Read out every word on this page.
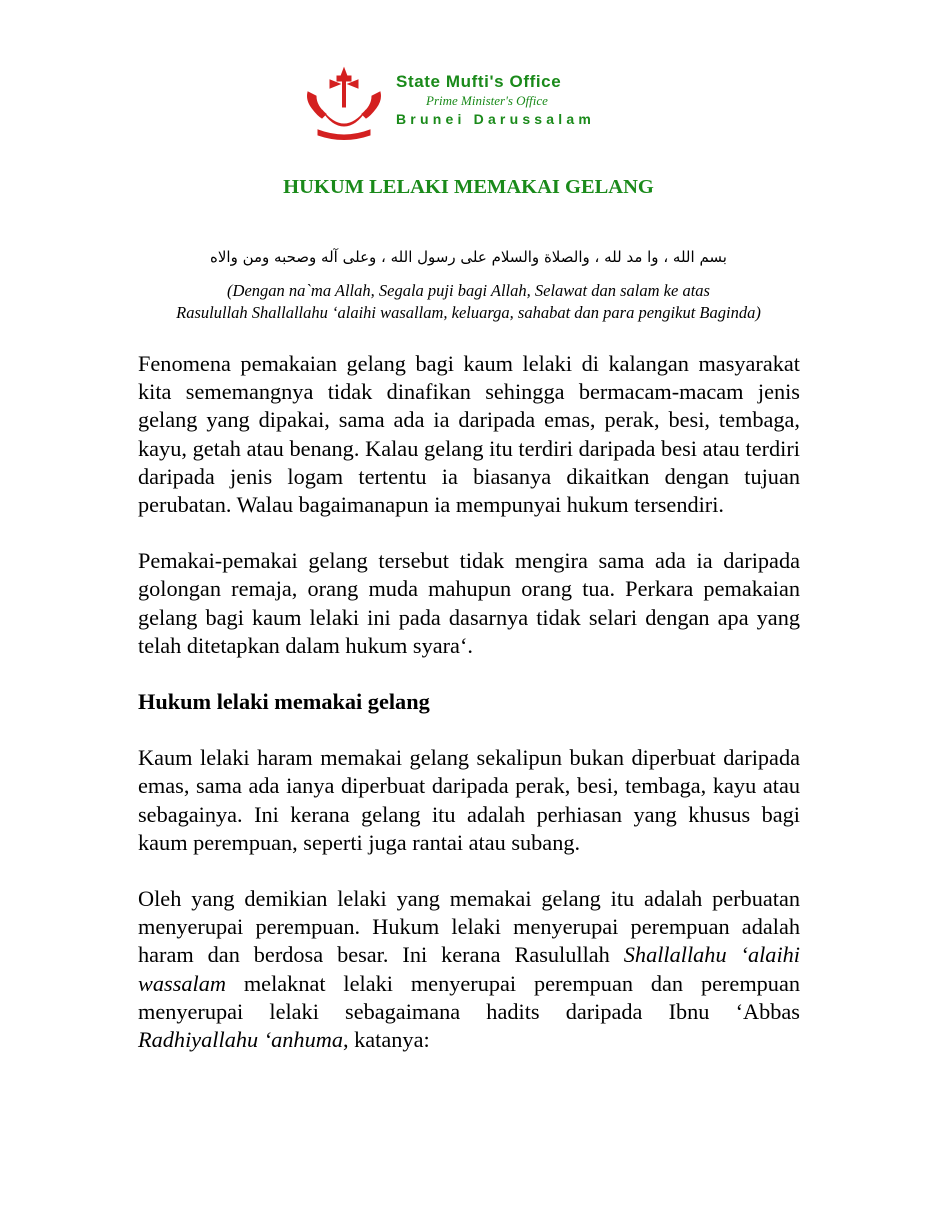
State Mufti's Office
Prime Minister's Office
Brunei Darussalam
HUKUM LELAKI MEMAKAI GELANG
بسم الله ، وا مد لله ، والصلاة والسلام على رسول الله ، وعلى آله وصحبه ومن والاه
(Dengan na`ma Allah, Segala puji bagi Allah, Selawat dan salam ke atas
Rasulullah Shallallahu ‘alaihi wasallam, keluarga, sahabat dan para pengikut Baginda)

Fenomena pemakaian gelang bagi kaum lelaki di kalangan masyarakat kita sememangnya tidak dinafikan sehingga bermacam-macam jenis gelang yang dipakai, sama ada ia daripada emas, perak, besi, tembaga, kayu, getah atau benang. Kalau gelang itu terdiri daripada besi atau terdiri daripada jenis logam tertentu ia biasanya dikaitkan dengan tujuan perubatan. Walau bagaimanapun ia mempunyai hukum tersendiri.

Pemakai-pemakai gelang tersebut tidak mengira sama ada ia daripada golongan remaja, orang muda mahupun orang tua. Perkara pemakaian gelang bagi kaum lelaki ini pada dasarnya tidak selari dengan apa yang telah ditetapkan dalam hukum syara‘.

Hukum lelaki memakai gelang

Kaum lelaki haram memakai gelang sekalipun bukan diperbuat daripada emas, sama ada ianya diperbuat daripada perak, besi, tembaga, kayu atau sebagainya. Ini kerana gelang itu adalah perhiasan yang khusus bagi kaum perempuan, seperti juga rantai atau subang.

Oleh yang demikian lelaki yang memakai gelang itu adalah perbuatan menyerupai perempuan. Hukum lelaki menyerupai perempuan adalah haram dan berdosa besar. Ini kerana Rasulullah Shallallahu ‘alaihi wassalam melaknat lelaki menyerupai perempuan dan perempuan menyerupai lelaki sebagaimana hadits daripada Ibnu ‘Abbas Radhiyallahu ‘anhuma, katanya:
